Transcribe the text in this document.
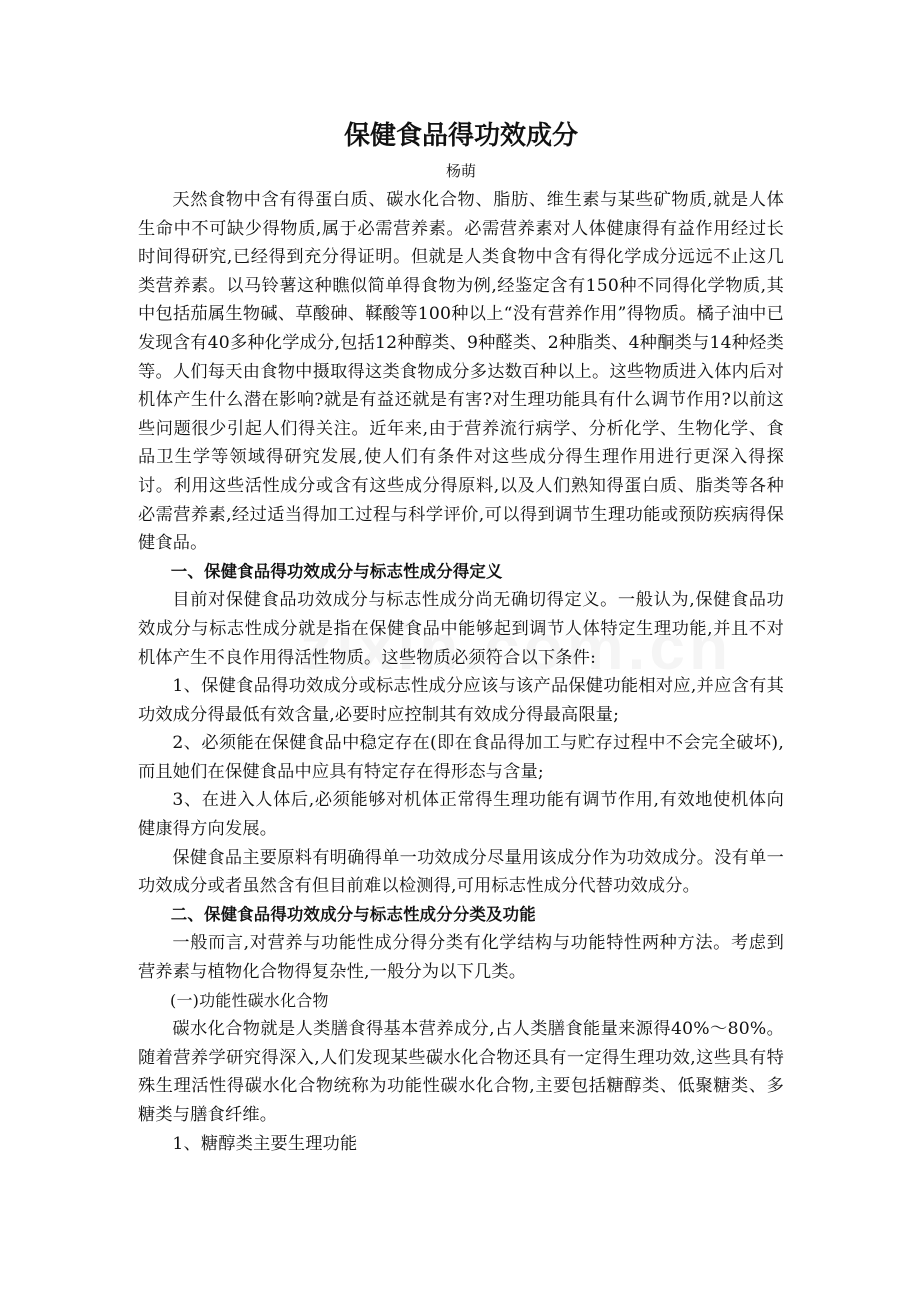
保健食品得功效成分
杨萌

天然食物中含有得蛋白质、碳水化合物、脂肪、维生素与某些矿物质,就是人体生命中不可缺少得物质,属于必需营养素。必需营养素对人体健康得有益作用经过长时间得研究,已经得到充分得证明。但就是人类食物中含有得化学成分远远不止这几类营养素。以马铃薯这种瞧似简单得食物为例,经鉴定含有150种不同得化学物质,其中包括茄属生物碱、草酸砷、鞣酸等100种以上“没有营养作用”得物质。橘子油中已发现含有40多种化学成分,包括12种醇类、9种醛类、2种脂类、4种酮类与14种烃类等。人们每天由食物中摄取得这类食物成分多达数百种以上。这些物质进入体内后对机体产生什么潜在影响?就是有益还就是有害?对生理功能具有什么调节作用?以前这些问题很少引起人们得关注。近年来,由于营养流行病学、分析化学、生物化学、食品卫生学等领域得研究发展,使人们有条件对这些成分得生理作用进行更深入得探讨。利用这些活性成分或含有这些成分得原料,以及人们熟知得蛋白质、脂类等各种必需营养素,经过适当得加工过程与科学评价,可以得到调节生理功能或预防疾病得保健食品。

一、保健食品得功效成分与标志性成分得定义

目前对保健食品功效成分与标志性成分尚无确切得定义。一般认为,保健食品功效成分与标志性成分就是指在保健食品中能够起到调节人体特定生理功能,并且不对机体产生不良作用得活性物质。这些物质必须符合以下条件:

1、保健食品得功效成分或标志性成分应该与该产品保健功能相对应,并应含有其功效成分得最低有效含量,必要时应控制其有效成分得最高限量;

2、必须能在保健食品中稳定存在(即在食品得加工与贮存过程中不会完全破坏),而且她们在保健食品中应具有特定存在得形态与含量;

3、在进入人体后,必须能够对机体正常得生理功能有调节作用,有效地使机体向健康得方向发展。

保健食品主要原料有明确得单一功效成分尽量用该成分作为功效成分。没有单一功效成分或者虽然含有但目前难以检测得,可用标志性成分代替功效成分。

二、保健食品得功效成分与标志性成分分类及功能

一般而言,对营养与功能性成分得分类有化学结构与功能特性两种方法。考虑到营养素与植物化合物得复杂性,一般分为以下几类。

(一)功能性碳水化合物

碳水化合物就是人类膳食得基本营养成分,占人类膳食能量来源得40%～80%。随着营养学研究得深入,人们发现某些碳水化合物还具有一定得生理功效,这些具有特殊生理活性得碳水化合物统称为功能性碳水化合物,主要包括糖醇类、低聚糖类、多糖类与膳食纤维。

1、糖醇类主要生理功能
